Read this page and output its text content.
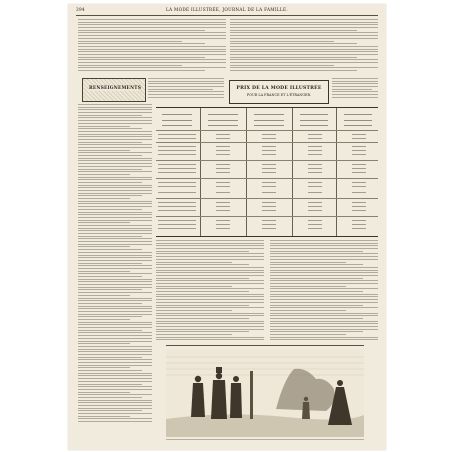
394	LA MODE ILLUSTRÉE, JOURNAL DE LA FAMILLE.
RENSEIGNEMENTS	PRIX DE LA MODE ILLUSTRÉE
POUR LA FRANCE ET L'ÉTRANGER.
